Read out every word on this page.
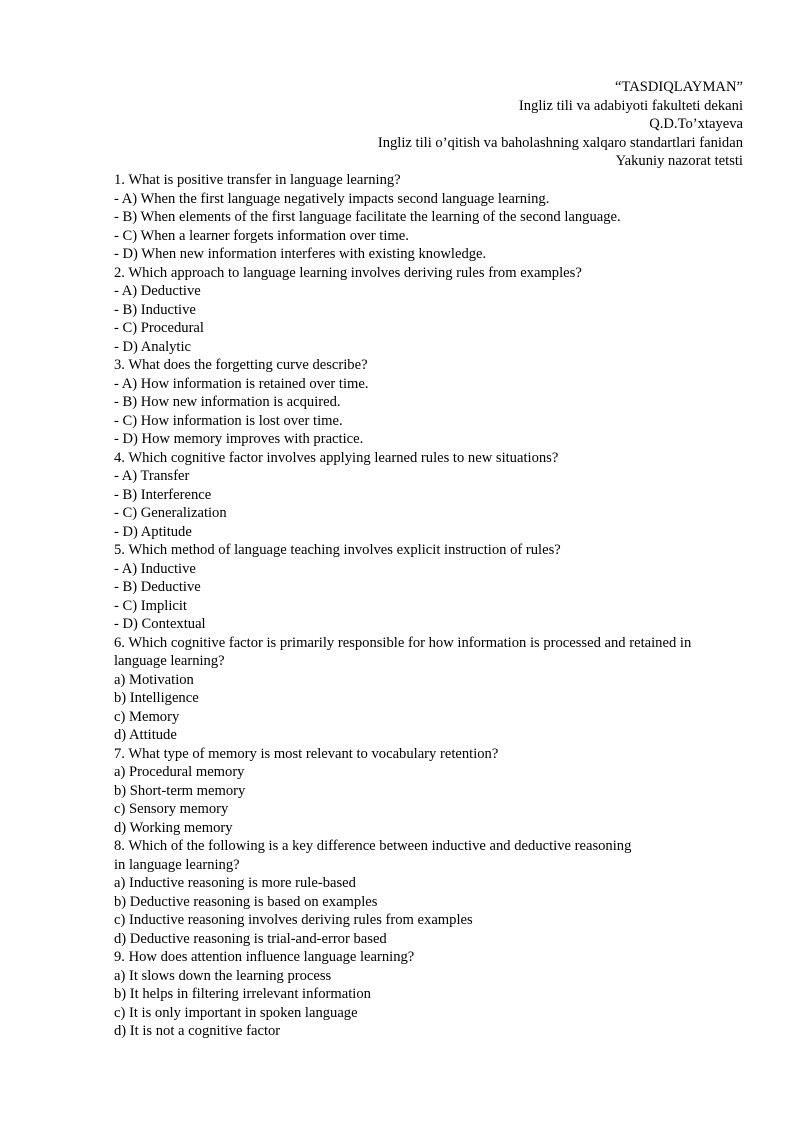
“TASDIQLAYMAN”
Ingliz tili va adabiyoti fakulteti dekani
Q.D.To’xtayeva
Ingliz tili o’qitish va baholashning xalqaro standartlari fanidan
Yakuniy nazorat tetsti
1. What is positive transfer in language learning?
- A) When the first language negatively impacts second language learning.
- B) When elements of the first language facilitate the learning of the second language.
- C) When a learner forgets information over time.
- D) When new information interferes with existing knowledge.
2. Which approach to language learning involves deriving rules from examples?
- A) Deductive
- B) Inductive
- C) Procedural
- D) Analytic
3. What does the forgetting curve describe?
- A) How information is retained over time.
- B) How new information is acquired.
- C) How information is lost over time.
- D) How memory improves with practice.
4. Which cognitive factor involves applying learned rules to new situations?
- A) Transfer
- B) Interference
- C) Generalization
- D) Aptitude
5. Which method of language teaching involves explicit instruction of rules?
- A) Inductive
- B) Deductive
- C) Implicit
- D) Contextual
6. Which cognitive factor is primarily responsible for how information is processed and retained in language learning?
a) Motivation
b) Intelligence
c) Memory
d) Attitude
7. What type of memory is most relevant to vocabulary retention?
a) Procedural memory
b) Short-term memory
c) Sensory memory
d) Working memory
8. Which of the following is a key difference between inductive and deductive reasoning
in language learning?
a) Inductive reasoning is more rule-based
b) Deductive reasoning is based on examples
c) Inductive reasoning involves deriving rules from examples
d) Deductive reasoning is trial-and-error based
9. How does attention influence language learning?
a) It slows down the learning process
b) It helps in filtering irrelevant information
c) It is only important in spoken language
d) It is not a cognitive factor
